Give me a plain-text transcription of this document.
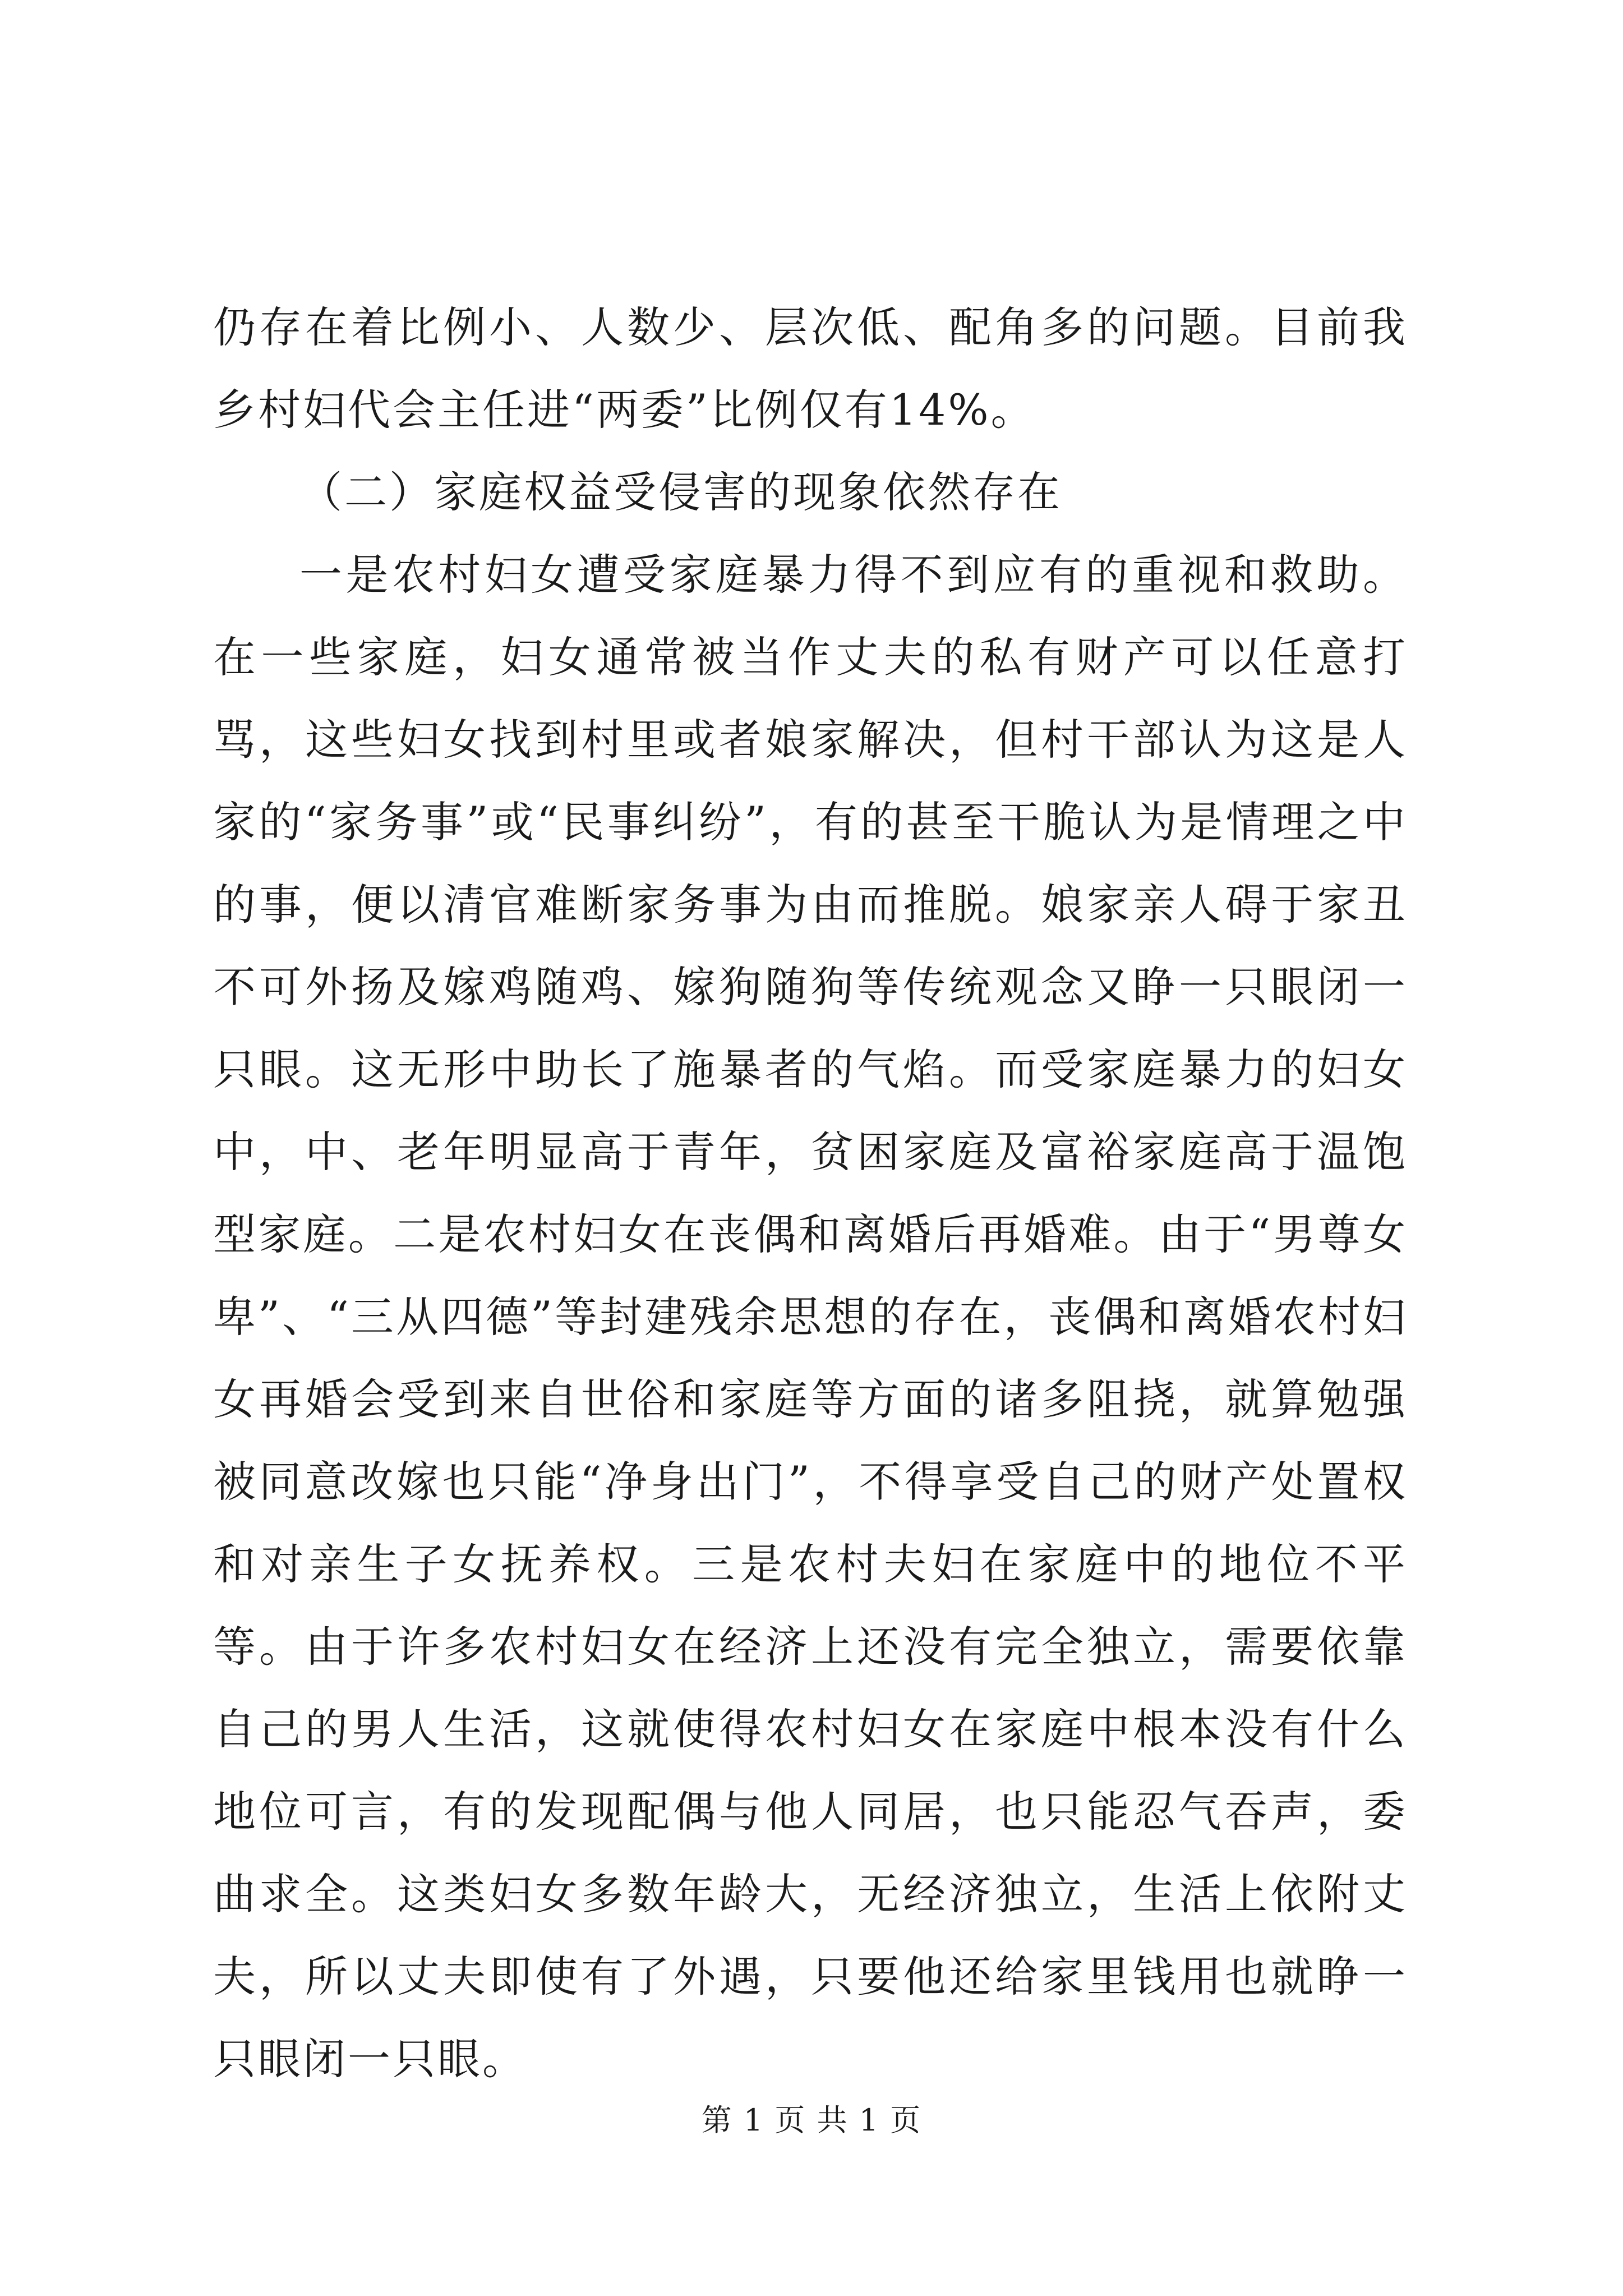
仍存在着比例小、人数少、层次低、配角多的问题。目前我乡村妇代会主任进“两委”比例仅有14%。

（二）家庭权益受侵害的现象依然存在

一是农村妇女遭受家庭暴力得不到应有的重视和救助。在一些家庭，妇女通常被当作丈夫的私有财产可以任意打骂，这些妇女找到村里或者娘家解决，但村干部认为这是人家的“家务事”或“民事纠纷”，有的甚至干脆认为是情理之中的事，便以清官难断家务事为由而推脱。娘家亲人碍于家丑不可外扬及嫁鸡随鸡、嫁狗随狗等传统观念又睁一只眼闭一只眼。这无形中助长了施暴者的气焰。而受家庭暴力的妇女中，中、老年明显高于青年，贫困家庭及富裕家庭高于温饱型家庭。二是农村妇女在丧偶和离婚后再婚难。由于“男尊女卑”、“三从四德”等封建残余思想的存在，丧偶和离婚农村妇女再婚会受到来自世俗和家庭等方面的诸多阻挠，就算勉强被同意改嫁也只能“净身出门”，不得享受自己的财产处置权和对亲生子女抚养权。三是农村夫妇在家庭中的地位不平等。由于许多农村妇女在经济上还没有完全独立，需要依靠自己的男人生活，这就使得农村妇女在家庭中根本没有什么地位可言，有的发现配偶与他人同居，也只能忍气吞声，委曲求全。这类妇女多数年龄大，无经济独立，生活上依附丈夫，所以丈夫即使有了外遇，只要他还给家里钱用也就睁一只眼闭一只眼。

第 1 页 共 1 页
